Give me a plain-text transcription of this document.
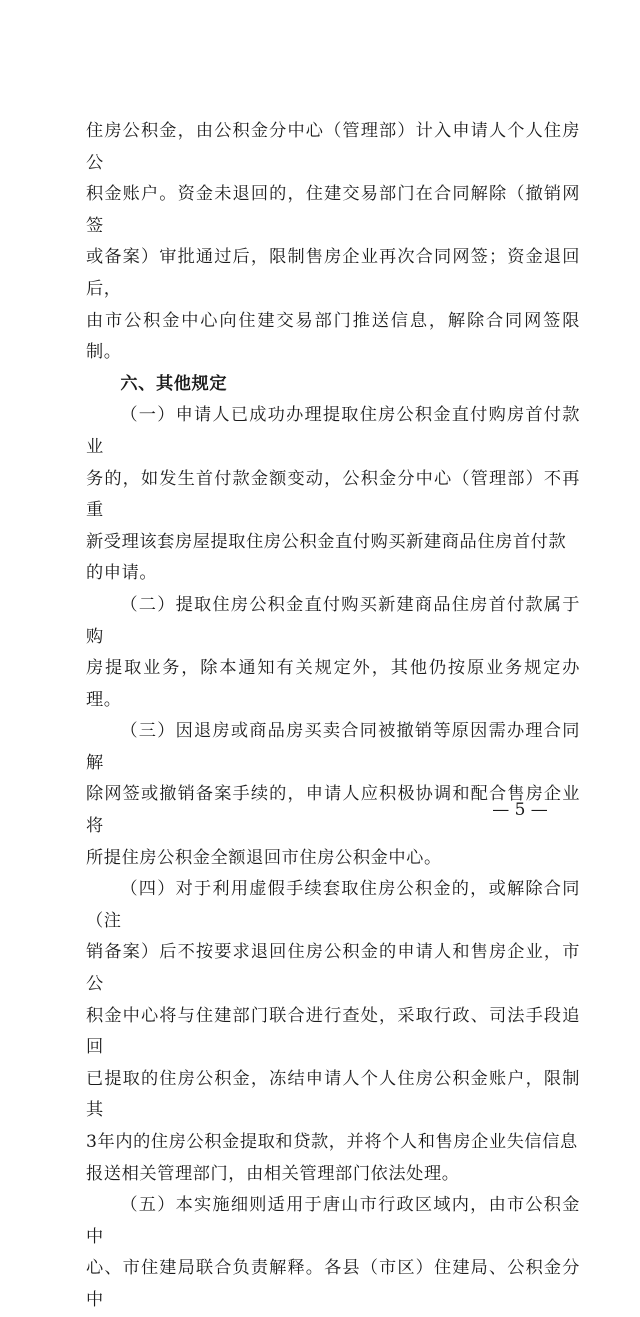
住房公积金，由公积金分中心（管理部）计入申请人个人住房公
积金账户。资金未退回的，住建交易部门在合同解除（撤销网签
或备案）审批通过后，限制售房企业再次合同网签；资金退回后，
由市公积金中心向住建交易部门推送信息，解除合同网签限制。

六、其他规定

（一）申请人已成功办理提取住房公积金直付购房首付款业
务的，如发生首付款金额变动，公积金分中心（管理部）不再重
新受理该套房屋提取住房公积金直付购买新建商品住房首付款
的申请。

（二）提取住房公积金直付购买新建商品住房首付款属于购
房提取业务，除本通知有关规定外，其他仍按原业务规定办理。

（三）因退房或商品房买卖合同被撤销等原因需办理合同解
除网签或撤销备案手续的，申请人应积极协调和配合售房企业将
所提住房公积金全额退回市住房公积金中心。

（四）对于利用虚假手续套取住房公积金的，或解除合同（注
销备案）后不按要求退回住房公积金的申请人和售房企业，市公
积金中心将与住建部门联合进行查处，采取行政、司法手段追回
已提取的住房公积金，冻结申请人个人住房公积金账户，限制其
3年内的住房公积金提取和贷款，并将个人和售房企业失信信息
报送相关管理部门，由相关管理部门依法处理。

（五）本实施细则适用于唐山市行政区域内，由市公积金中
心、市住建局联合负责解释。各县（市区）住建局、公积金分中

— 5 —
